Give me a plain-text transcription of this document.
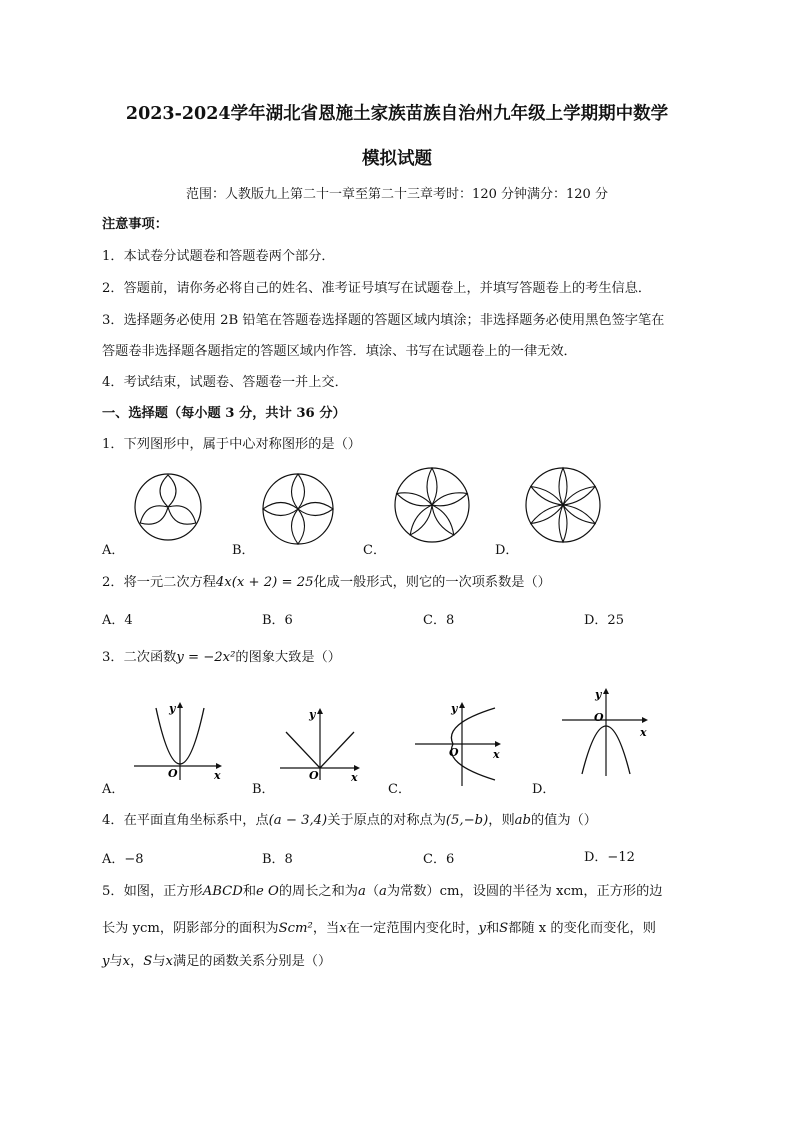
2023-2024学年湖北省恩施土家族苗族自治州九年级上学期期中数学
模拟试题
范围：人教版九上第二十一章至第二十三章考时：120 分钟满分：120 分
注意事项：
1．本试卷分试题卷和答题卷两个部分．
2．答题前，请你务必将自己的姓名、准考证号填写在试题卷上，并填写答题卷上的考生信息．
3．选择题务必使用 2B 铅笔在答题卷选择题的答题区域内填涂；非选择题务必使用黑色签字笔在
答题卷非选择题各题指定的答题区域内作答．填涂、书写在试题卷上的一律无效．
4．考试结束，试题卷、答题卷一并上交．
一、选择题（每小题 3 分，共计 36 分）
1．下列图形中，属于中心对称图形的是（）
A．	B．	C．	D．
2．将一元二次方程4x(x + 2) = 25化成一般形式，则它的一次项系数是（）
A．4	B．6	C．8	D．25
3．二次函数y = −2x²的图象大致是（）
y
O	x
y
O	x
y
O	x
y
O
x
A．	B．	C．	D．
4．在平面直角坐标系中，点(a − 3,4)关于原点的对称点为(5,−b)，则ab的值为（）
A．−8	B．8	C．6	D．−12
5．如图，正方形ABCD和e O的周长之和为a（a为常数）cm，设圆的半径为 xcm，正方形的边
长为 ycm，阴影部分的面积为Scm²，当x在一定范围内变化时，y和S都随 x 的变化而变化，则
y与x，S与x满足的函数关系分别是（）
